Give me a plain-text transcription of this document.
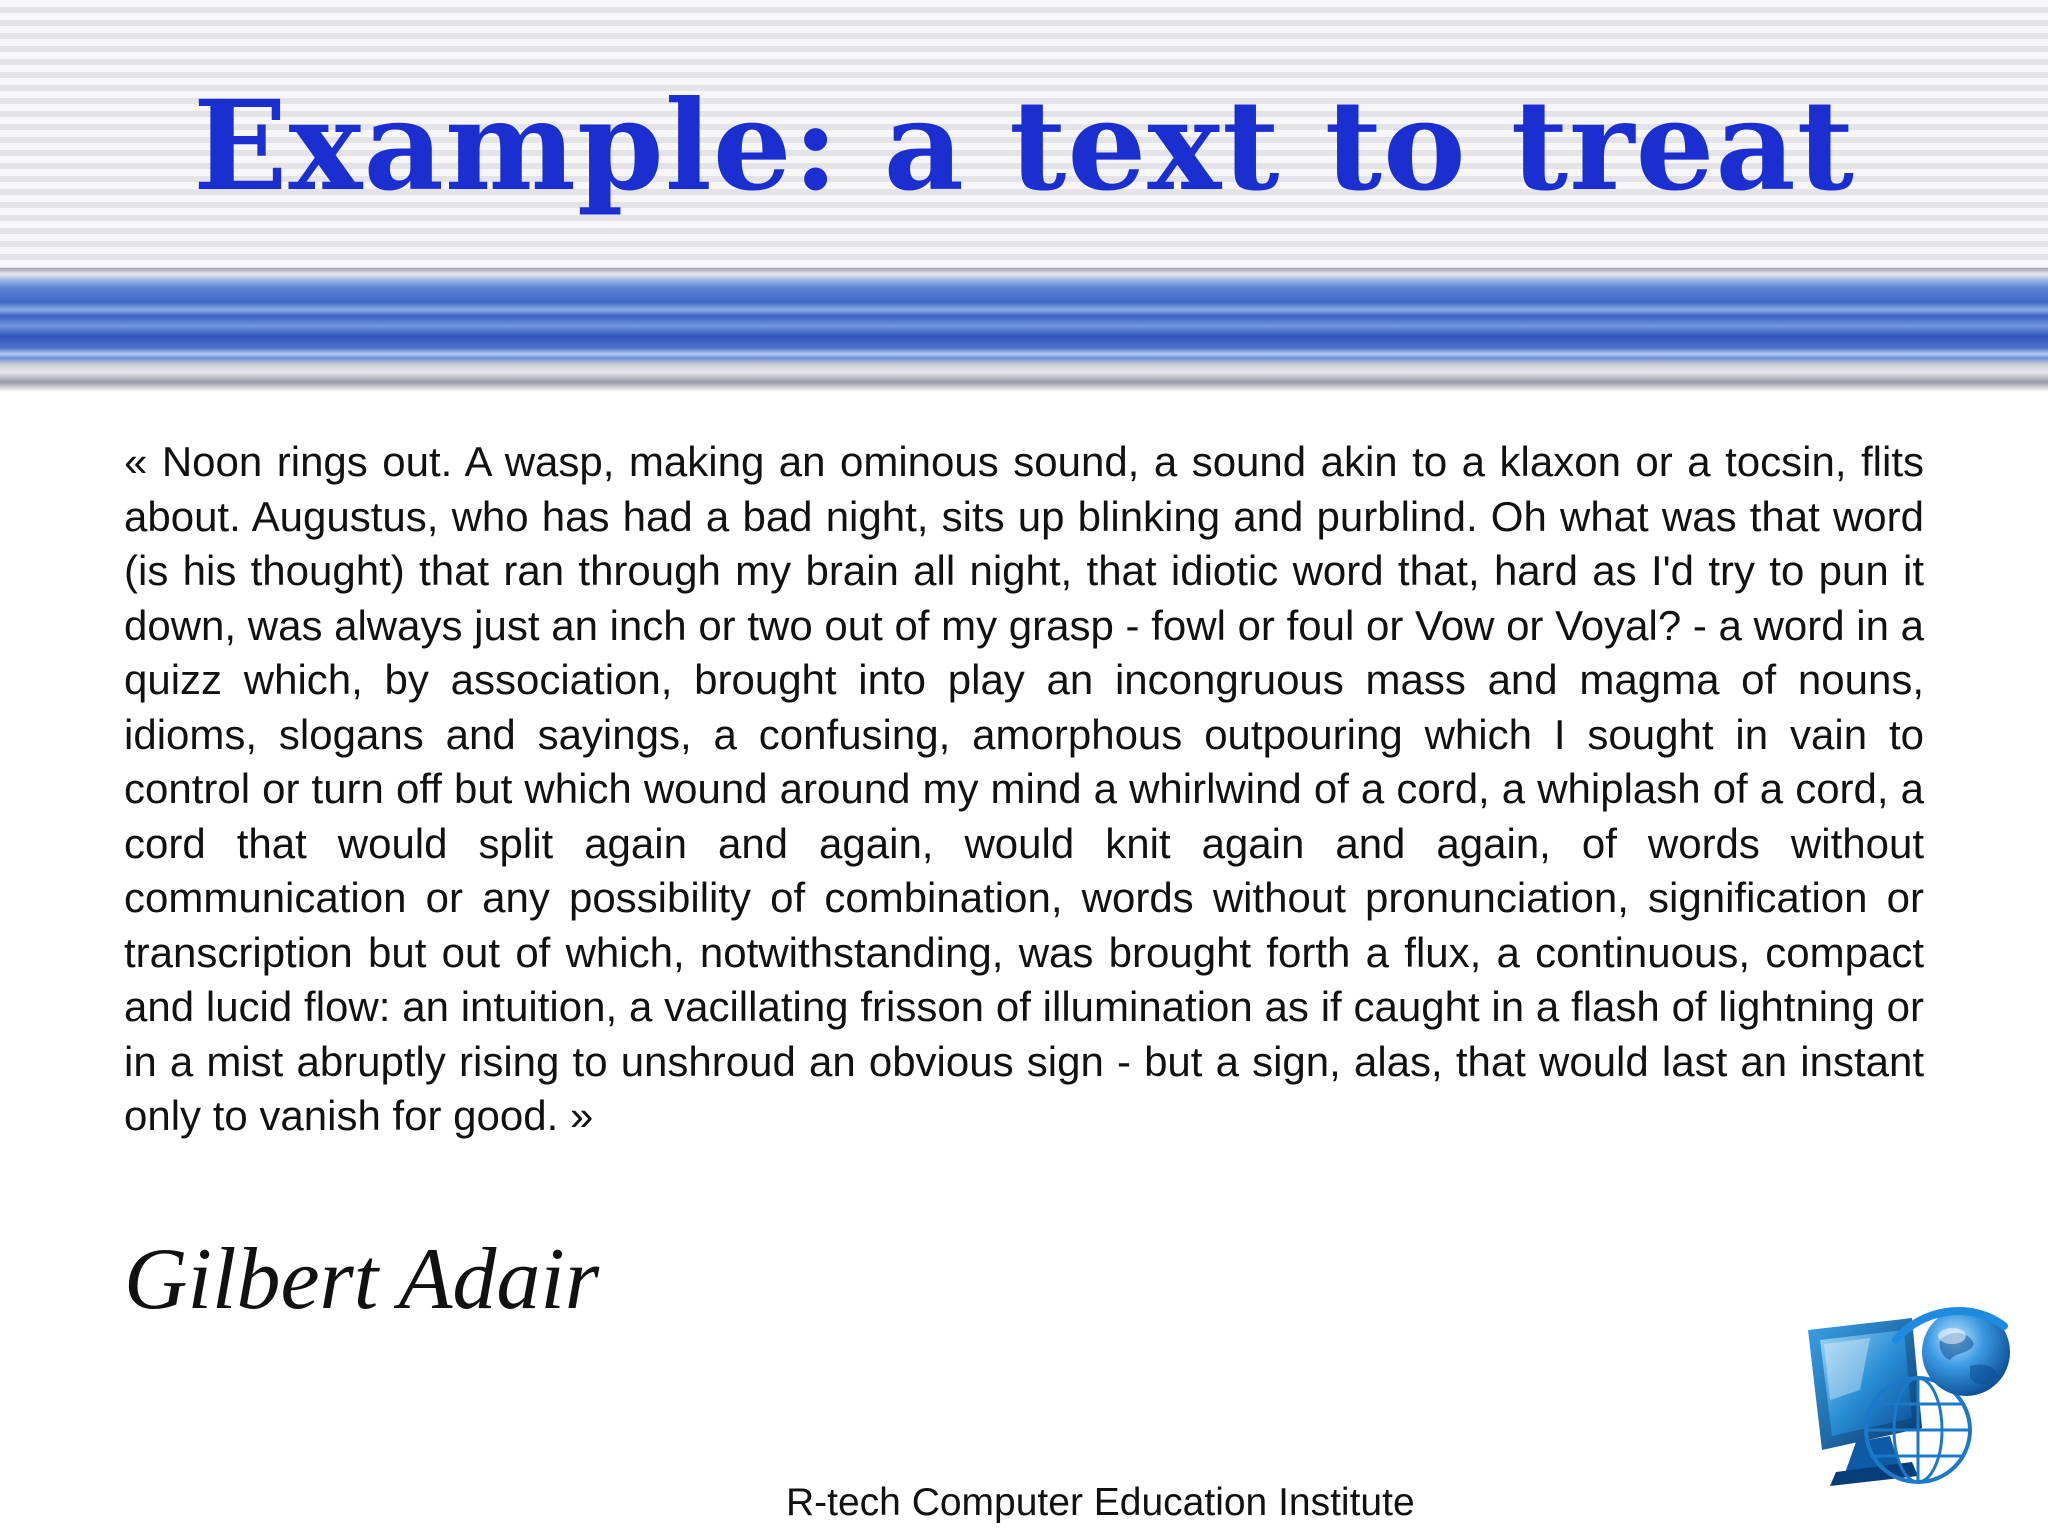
Example: a text to treat

« Noon rings out. A wasp, making an ominous sound, a sound akin to a klaxon or a tocsin, flits about. Augustus, who has had a bad night, sits up blinking and purblind. Oh what was that word (is his thought) that ran through my brain all night, that idiotic word that, hard as I'd try to pun it down, was always just an inch or two out of my grasp - fowl or foul or Vow or Voyal? - a word in a quizz which, by association, brought into play an incongruous mass and magma of nouns, idioms, slogans and sayings, a confusing, amorphous outpouring which I sought in vain to control or turn off but which wound around my mind a whirlwind of a cord, a whiplash of a cord, a cord that would split again and again, would knit again and again, of words without communication or any possibility of combination, words without pronunciation, signification or transcription but out of which, notwithstanding, was brought forth a flux, a continuous, compact and lucid flow: an intuition, a vacillating frisson of illumination as if caught in a flash of lightning or in a mist abruptly rising to unshroud an obvious sign - but a sign, alas, that would last an instant only to vanish for good. »

Gilbert Adair
R-tech Computer Education Institute
